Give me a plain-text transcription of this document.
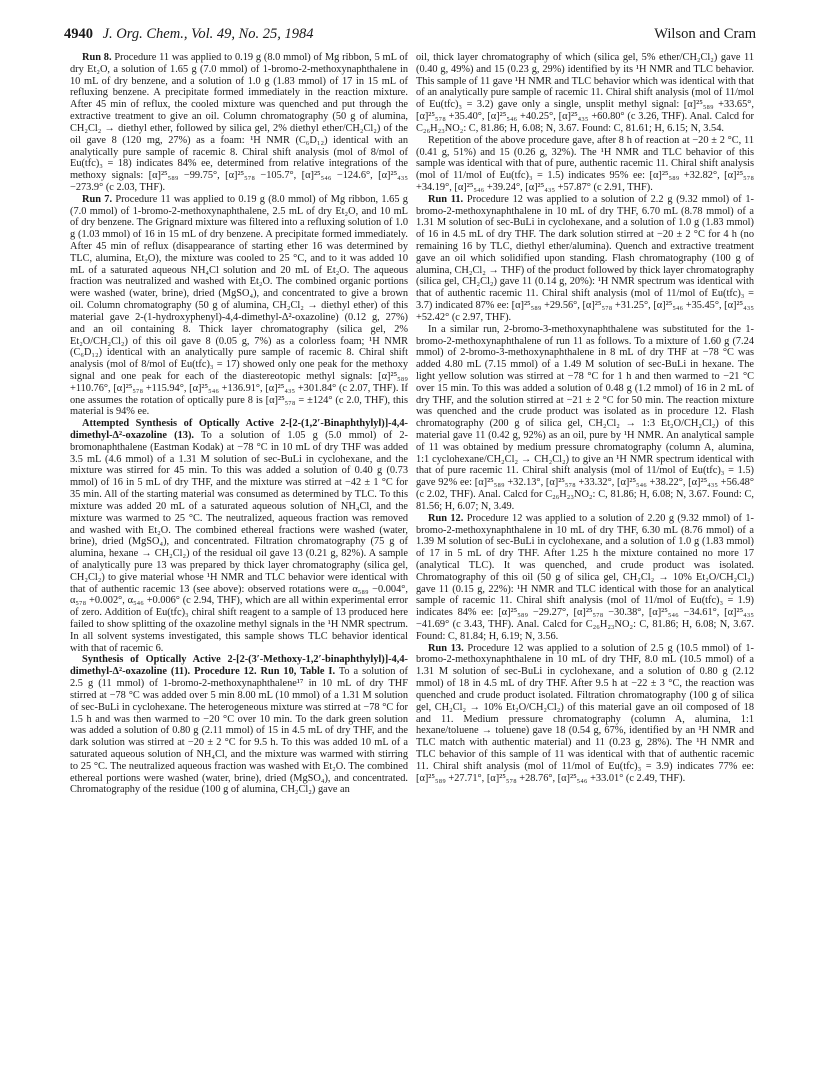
4940 J. Org. Chem., Vol. 49, No. 25, 1984	Wilson and Cram

Run 8. Procedure 11 was applied to 0.19 g (8.0 mmol) of Mg ribbon, 5 mL of dry Et₂O, a solution of 1.65 g (7.0 mmol) of 1-bromo-2-methoxynaphthalene in 10 mL of dry benzene, and a solution of 1.0 g (1.83 mmol) of 17 in 15 mL of refluxing benzene. A precipitate formed immediately in the reaction mixture. After 45 min of reflux, the cooled mixture was quenched and put through the extractive treatment to give an oil. Column chromatography (50 g of alumina, CH₂Cl₂ → diethyl ether, followed by silica gel, 2% diethyl ether/CH₂Cl₂) of the oil gave 8 (120 mg, 27%) as a foam: ¹H NMR (C₆D₁₂) identical with an analytically pure sample of racemic 8. Chiral shift analysis (mol of 8/mol of Eu(tfc)₃ = 18) indicates 84% ee, determined from relative integrations of the methoxy signals: [α]²⁵₅₈₉ −99.75°, [α]²⁵₅₇₈ −105.7°, [α]²⁵₅₄₆ −124.6°, [α]²⁵₄₃₅ −273.9° (c 2.03, THF).

Run 7. Procedure 11 was applied to 0.19 g (8.0 mmol) of Mg ribbon, 1.65 g (7.0 mmol) of 1-bromo-2-methoxynaphthalene, 2.5 mL of dry Et₂O, and 10 mL of dry benzene. The Grignard mixture was filtered into a refluxing solution of 1.0 g (1.03 mmol) of 16 in 15 mL of dry benzene. A precipitate formed immediately. After 45 min of reflux (disappearance of starting ether 16 was determined by TLC, alumina, Et₂O), the mixture was cooled to 25 °C, and to it was added 10 mL of a saturated aqueous NH₄Cl solution and 20 mL of Et₂O. The aqueous fraction was neutralized and washed with Et₂O. The combined organic portions were washed (water, brine), dried (MgSO₄), and concentrated to give a brown oil. Column chromatography (50 g of alumina, CH₂Cl₂ → diethyl ether) of this material gave 2-(1-hydroxyphenyl)-4,4-dimethyl-Δ²-oxazoline) (0.12 g, 27%) and an oil containing 8. Thick layer chromatography (silica gel, 2% Et₂O/CH₂Cl₂) of this oil gave 8 (0.05 g, 7%) as a colorless foam; ¹H NMR (C₆D₁₂) identical with an analytically pure sample of racemic 8. Chiral shift analysis (mol of 8/mol of Eu(tfc)₃ = 17) showed only one peak for the methoxy signal and one peak for each of the diastereotopic methyl signals: [α]²⁵₅₈₉ +110.76°, [α]²⁵₅₇₈ +115.94°, [α]²⁵₅₄₆ +136.91°, [α]²⁵₄₃₅ +301.84° (c 2.07, THF). If one assumes the rotation of optically pure 8 is [α]²⁵₅₇₈ = ±124° (c 2.0, THF), this material is 94% ee.

Attempted Synthesis of Optically Active 2-[2-(1,2′-Binaphthylyl)]-4,4-dimethyl-Δ²-oxazoline (13). To a solution of 1.05 g (5.0 mmol) of 2-bromonaphthalene (Eastman Kodak) at −78 °C in 10 mL of dry THF was added 3.5 mL (4.6 mmol) of a 1.31 M solution of sec-BuLi in cyclohexane, and the mixture was stirred for 45 min. To this was added a solution of 0.40 g (0.73 mmol) of 16 in 5 mL of dry THF, and the mixture was stirred at −42 ± 1 °C for 35 min. All of the starting material was consumed as determined by TLC. To this mixture was added 20 mL of a saturated aqueous solution of NH₄Cl, and the mixture was warmed to 25 °C. The neutralized, aqueous fraction was removed and washed with Et₂O. The combined ethereal fractions were washed (water, brine), dried (MgSO₄), and concentrated. Filtration chromatography (75 g of alumina, hexane → CH₂Cl₂) of the residual oil gave 13 (0.21 g, 82%). A sample of analytically pure 13 was prepared by thick layer chromatography (silica gel, CH₂Cl₂) to give material whose ¹H NMR and TLC behavior were identical with that of authentic racemic 13 (see above): observed rotations were α₅₈₉ −0.004°, α₅₇₈ +0.002°, α₅₄₆ +0.006° (c 2.94, THF), which are all within experimental error of zero. Addition of Eu(tfc)₃ chiral shift reagent to a sample of 13 produced here failed to show splitting of the oxazoline methyl signals in the ¹H NMR spectrum. In all solvent systems investigated, this sample shows TLC behavior identical with that of racemic 6.

Synthesis of Optically Active 2-[2-(3′-Methoxy-1,2′-binaphthylyl)]-4,4-dimethyl-Δ²-oxazoline (11). Procedure 12. Run 10, Table I. To a solution of 2.5 g (11 mmol) of 1-bromo-2-methoxynaphthalene¹⁷ in 10 mL of dry THF stirred at −78 °C was added over 5 min 8.00 mL (10 mmol) of a 1.31 M solution of sec-BuLi in cyclohexane. The heterogeneous mixture was stirred at −78 °C for 1.5 h and was then warmed to −20 °C over 10 min. To the dark green solution was added a solution of 0.80 g (2.11 mmol) of 15 in 4.5 mL of dry THF, and the dark solution was stirred at −20 ± 2 °C for 9.5 h. To this was added 10 mL of a saturated aqueous solution of NH₄Cl, and the mixture was warmed with stirring to 25 °C. The neutralized aqueous fraction was washed with Et₂O. The combined ethereal portions were washed (water, brine), dried (MgSO₄), and concentrated. Chromatography of the residue (100 g of alumina, CH₂Cl₂) gave an

oil, thick layer chromatography of which (silica gel, 5% ether/CH₂Cl₂) gave 11 (0.40 g, 49%) and 15 (0.23 g, 29%) identified by its ¹H NMR and TLC behavior. This sample of 11 gave ¹H NMR and TLC behavior which was identical with that of an analytically pure sample of racemic 11. Chiral shift analysis (mol of 11/mol of Eu(tfc)₃ = 3.2) gave only a single, unsplit methyl signal: [α]²⁵₅₈₉ +33.65°, [α]²⁵₅₇₈ +35.40°, [α]²⁵₅₄₆ +40.25°, [α]²⁵₄₃₅ +60.80° (c 3.26, THF). Anal. Calcd for C₂₆H₂₃NO₂: C, 81.86; H, 6.08; N, 3.67. Found: C, 81.61; H, 6.15; N, 3.54.

Repetition of the above procedure gave, after 8 h of reaction at −20 ± 2 °C, 11 (0.41 g, 51%) and 15 (0.26 g, 32%). The ¹H NMR and TLC behavior of this sample was identical with that of pure, authentic racemic 11. Chiral shift analysis (mol of 11/mol of Eu(tfc)₃ = 1.5) indicates 95% ee: [α]²⁵₅₈₉ +32.82°, [α]²⁵₅₇₈ +34.19°, [α]²⁵₅₄₆ +39.24°, [α]²⁵₄₃₅ +57.87° (c 2.91, THF).

Run 11. Procedure 12 was applied to a solution of 2.2 g (9.32 mmol) of 1-bromo-2-methoxynaphthalene in 10 mL of dry THF, 6.70 mL (8.78 mmol) of a 1.31 M solution of sec-BuLi in cyclohexane, and a solution of 1.0 g (1.83 mmol) of 16 in 4.5 mL of dry THF. The dark solution stirred at −20 ± 2 °C for 4 h (no remaining 16 by TLC, diethyl ether/alumina). Quench and extractive treatment gave an oil which solidified upon standing. Flash chromatography (100 g of alumina, CH₂Cl₂ → THF) of the product followed by thick layer chromatography (silica gel, CH₂Cl₂) gave 11 (0.14 g, 20%): ¹H NMR spectrum was identical with that of authentic racemic 11. Chiral shift analysis (mol of 11/mol of Eu(tfc)₃ = 3.7) indicated 87% ee: [α]²⁵₅₈₉ +29.56°, [α]²⁵₅₇₈ +31.25°, [α]²⁵₅₄₆ +35.45°, [α]²⁵₄₃₅ +52.42° (c 2.97, THF).

In a similar run, 2-bromo-3-methoxynaphthalene was substituted for the 1-bromo-2-methoxynaphthalene of run 11 as follows. To a mixture of 1.60 g (7.24 mmol) of 2-bromo-3-methoxynaphthalene in 8 mL of dry THF at −78 °C was added 4.80 mL (7.15 mmol) of a 1.49 M solution of sec-BuLi in hexane. The light yellow solution was stirred at −78 °C for 1 h and then warmed to −21 °C over 15 min. To this was added a solution of 0.48 g (1.2 mmol) of 16 in 2 mL of dry THF, and the solution stirred at −21 ± 2 °C for 50 min. The reaction mixture was quenched and the crude product was isolated as in procedure 12. Flash chromatography (200 g of silica gel, CH₂Cl₂ → 1:3 Et₂O/CH₂Cl₂) of this material gave 11 (0.42 g, 92%) as an oil, pure by ¹H NMR. An analytical sample of 11 was obtained by medium pressure chromatography (column A, alumina, 1:1 cyclohexane/CH₂Cl₂ → CH₂Cl₂) to give an ¹H NMR spectrum identical with that of pure racemic 11. Chiral shift analysis (mol of 11/mol of Eu(tfc)₃ = 1.5) gave 92% ee: [α]²⁵₅₈₉ +32.13°, [α]²⁵₅₇₈ +33.32°, [α]²⁵₅₄₆ +38.22°, [α]²⁵₄₃₅ +56.48° (c 2.02, THF). Anal. Calcd for C₂₆H₂₃NO₂: C, 81.86; H, 6.08; N, 3.67. Found: C, 81.56; H, 6.07; N, 3.49.

Run 12. Procedure 12 was applied to a solution of 2.20 g (9.32 mmol) of 1-bromo-2-methoxynaphthalene in 10 mL of dry THF, 6.30 mL (8.76 mmol) of a 1.39 M solution of sec-BuLi in cyclohexane, and a solution of 1.0 g (1.83 mmol) of 17 in 5 mL of dry THF. After 1.25 h the mixture contained no more 17 (analytical TLC). It was quenched, and crude product was isolated. Chromatography of this oil (50 g of silica gel, CH₂Cl₂ → 10% Et₂O/CH₂Cl₂) gave 11 (0.15 g, 22%): ¹H NMR and TLC identical with those for an analytical sample of racemic 11. Chiral shift analysis (mol of 11/mol of Eu(tfc)₃ = 1.9) indicates 84% ee: [α]²⁵₅₈₉ −29.27°, [α]²⁵₅₇₈ −30.38°, [α]²⁵₅₄₆ −34.61°, [α]²⁵₄₃₅ −41.69° (c 3.43, THF). Anal. Calcd for C₂₆H₂₃NO₂: C, 81.86; H, 6.08; N, 3.67. Found: C, 81.84; H, 6.19; N, 3.56.

Run 13. Procedure 12 was applied to a solution of 2.5 g (10.5 mmol) of 1-bromo-2-methoxynaphthalene in 10 mL of dry THF, 8.0 mL (10.5 mmol) of a 1.31 M solution of sec-BuLi in cyclohexane, and a solution of 0.80 g (2.12 mmol) of 18 in 4.5 mL of dry THF. After 9.5 h at −22 ± 3 °C, the reaction was quenched and crude product isolated. Filtration chromatography (100 g of silica gel, CH₂Cl₂ → 10% Et₂O/CH₂Cl₂) of this material gave an oil composed of 18 and 11. Medium pressure chromatography (column A, alumina, 1:1 hexane/toluene → toluene) gave 18 (0.54 g, 67%, identified by an ¹H NMR and TLC match with authentic material) and 11 (0.23 g, 28%). The ¹H NMR and TLC behavior of this sample of 11 was identical with that of authentic racemic 11. Chiral shift analysis (mol of 11/mol of Eu(tfc)₃ = 3.9) indicates 77% ee: [α]²⁵₅₈₉ +27.71°, [α]²⁵₅₇₈ +28.76°, [α]²⁵₅₄₆ +33.01° (c 2.49, THF).
